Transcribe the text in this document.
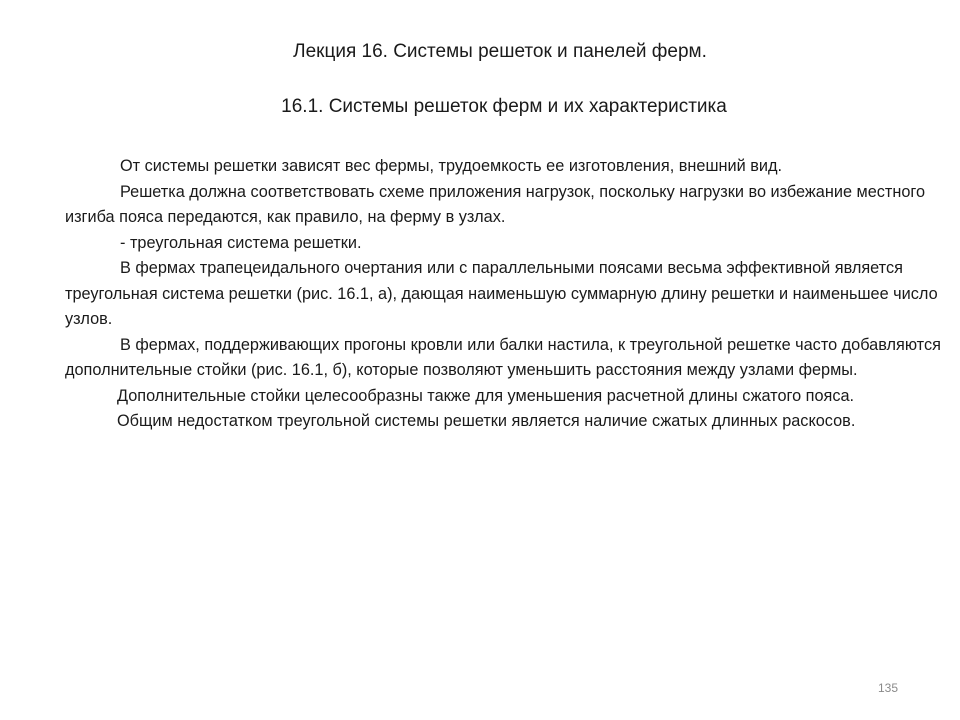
Лекция 16. Системы решеток и панелей ферм.
16.1. Системы решеток ферм и их характеристика

От системы решетки зависят вес фермы, трудоемкость ее изготовления, внешний вид.

Решетка должна соответствовать схеме приложения нагрузок, поскольку нагрузки во избежание местного изгиба пояса передаются, как правило, на ферму в узлах.

- треугольная система решетки.

В фермах трапецеидального очертания или с параллельными поясами весьма эффективной является треугольная система решетки (рис. 16.1, а), дающая наименьшую суммарную длину решетки и наименьшее число узлов.

В фермах, поддерживающих прогоны кровли или балки настила, к треугольной решетке часто добавляются дополнительные стойки (рис. 16.1, б), которые позволяют уменьшить расстояния между узлами фермы.

Дополнительные стойки целесообразны также для уменьшения расчетной длины сжатого пояса.

Общим недостатком треугольной системы решетки является наличие сжатых длинных раскосов.

135
